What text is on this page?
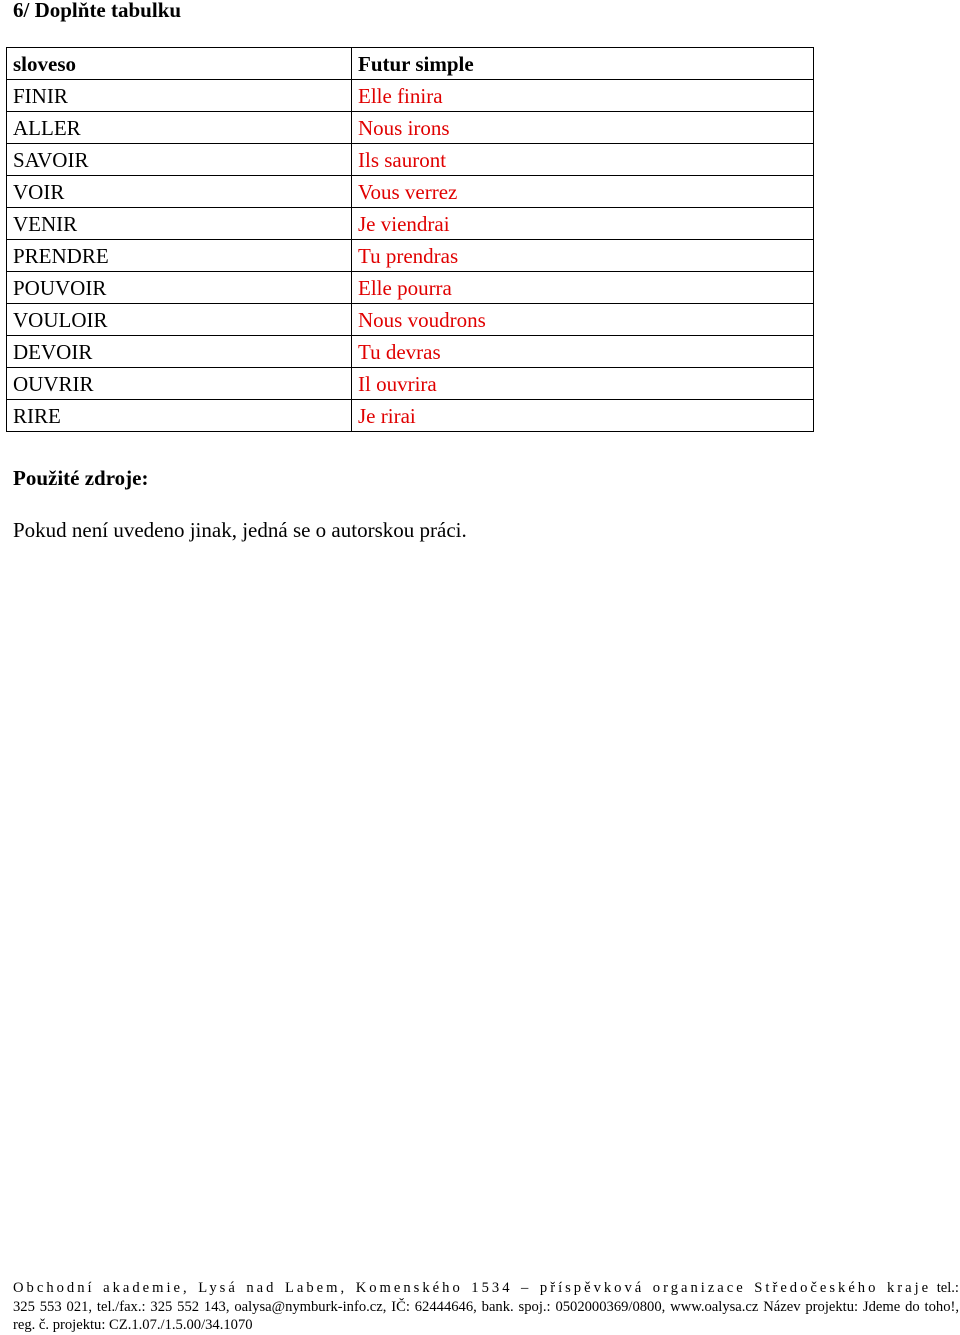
6/ Doplňte tabulku
sloveso	Futur simple
FINIR	Elle finira
ALLER	Nous irons
SAVOIR	Ils sauront
VOIR	Vous verrez
VENIR	Je viendrai
PRENDRE	Tu prendras
POUVOIR	Elle pourra
VOULOIR	Nous voudrons
DEVOIR	Tu devras
OUVRIR	Il ouvrira
RIRE	Je rirai
Použité zdroje:

Pokud není uvedeno jinak, jedná se o autorskou práci.

Obchodní akademie, Lysá nad Labem, Komenského 1534 – příspěvková organizace Středočeského kraje tel.: 325 553 021, tel./fax.: 325 552 143, oalysa@nymburk-info.cz, IČ: 62444646, bank. spoj.: 0502000369/0800, www.oalysa.cz Název projektu: Jdeme do toho!, reg. č. projektu: CZ.1.07./1.5.00/34.1070
